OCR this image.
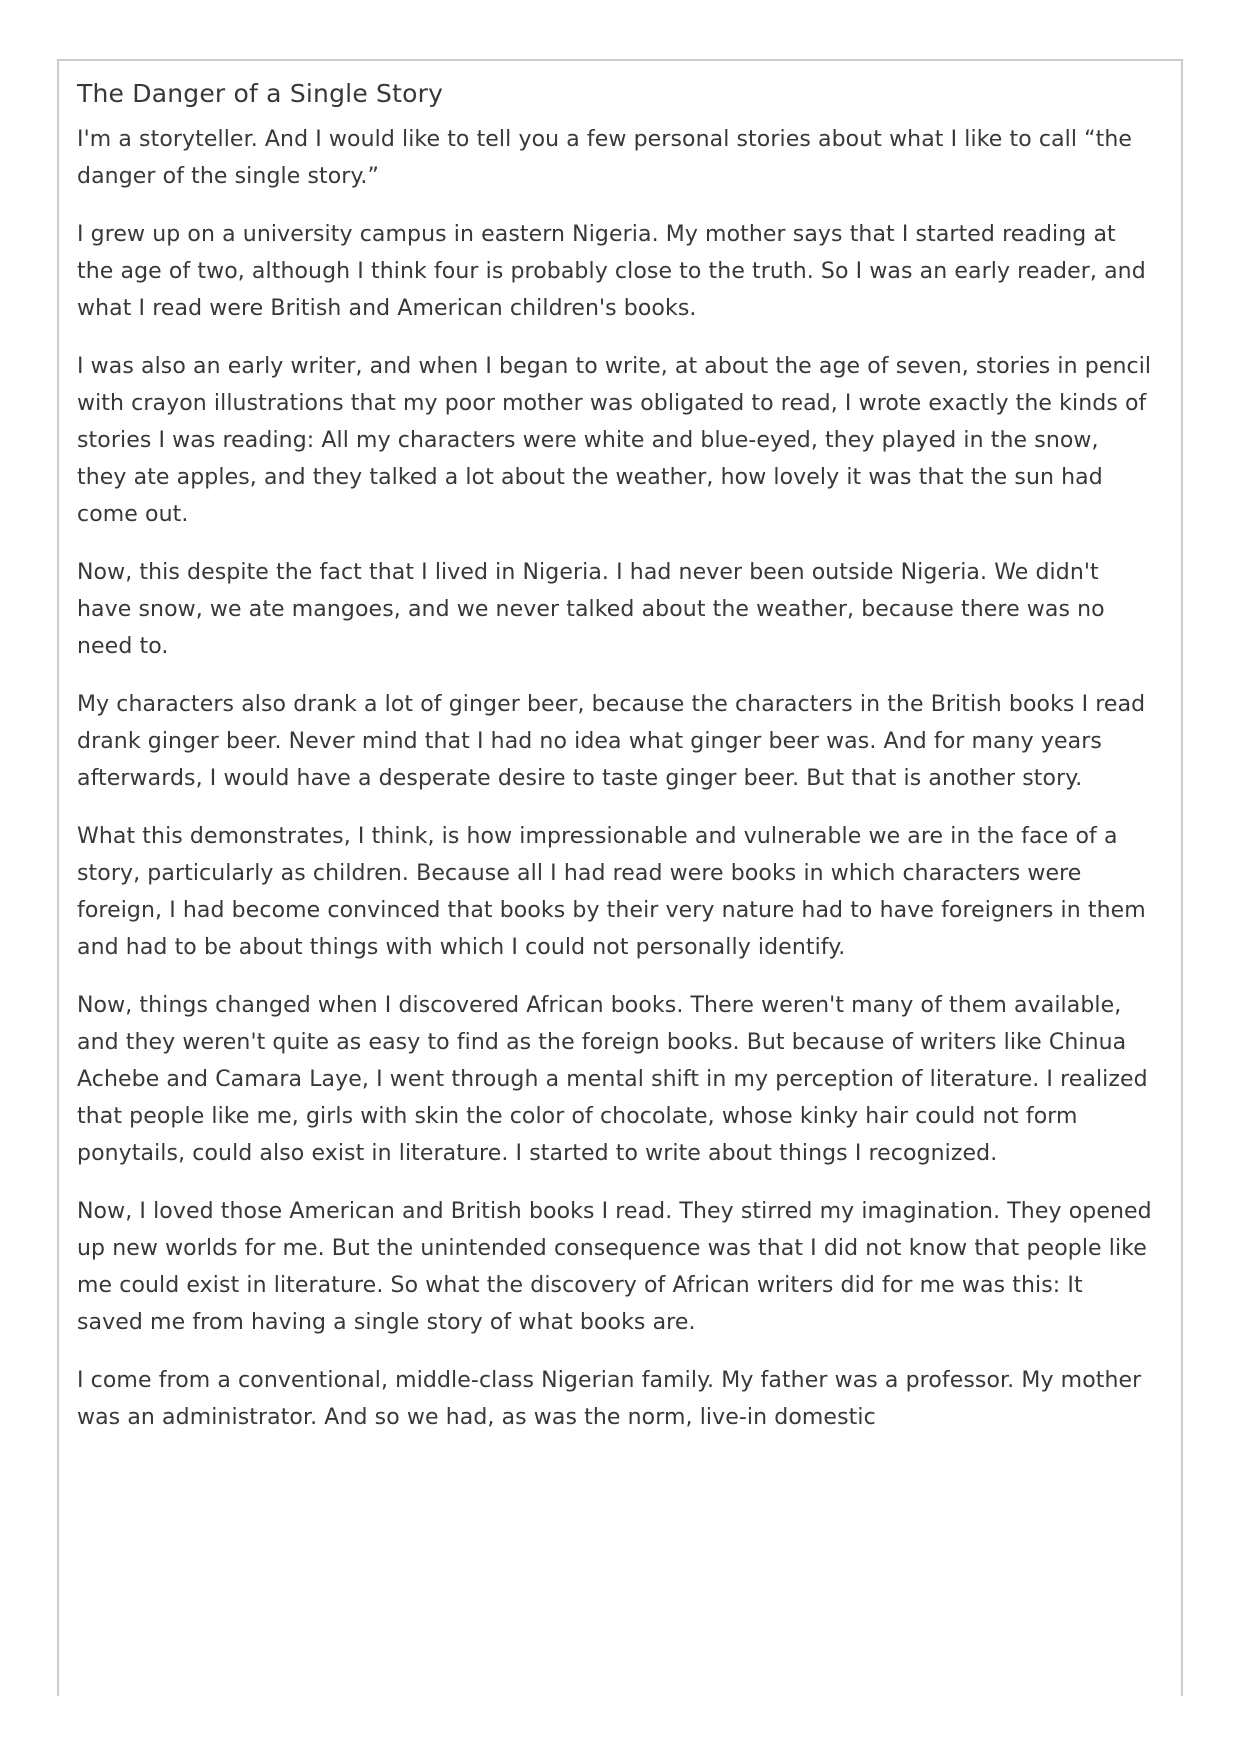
The Danger of a Single Story

I'm a storyteller. And I would like to tell you a few personal stories about what I like to call “the danger of the single story.”

I grew up on a university campus in eastern Nigeria. My mother says that I started reading at the age of two, although I think four is probably close to the truth. So I was an early reader, and what I read were British and American children's books.

I was also an early writer, and when I began to write, at about the age of seven, stories in pencil with crayon illustrations that my poor mother was obligated to read, I wrote exactly the kinds of stories I was reading: All my characters were white and blue-eyed, they played in the snow, they ate apples, and they talked a lot about the weather, how lovely it was that the sun had come out.

Now, this despite the fact that I lived in Nigeria. I had never been outside Nigeria. We didn't have snow, we ate mangoes, and we never talked about the weather, because there was no need to.

My characters also drank a lot of ginger beer, because the characters in the British books I read drank ginger beer. Never mind that I had no idea what ginger beer was. And for many years afterwards, I would have a desperate desire to taste ginger beer. But that is another story.

What this demonstrates, I think, is how impressionable and vulnerable we are in the face of a story, particularly as children. Because all I had read were books in which characters were foreign, I had become convinced that books by their very nature had to have foreigners in them and had to be about things with which I could not personally identify.

Now, things changed when I discovered African books. There weren't many of them available, and they weren't quite as easy to find as the foreign books. But because of writers like Chinua Achebe and Camara Laye, I went through a mental shift in my perception of literature. I realized that people like me, girls with skin the color of chocolate, whose kinky hair could not form ponytails, could also exist in literature. I started to write about things I recognized.

Now, I loved those American and British books I read. They stirred my imagination. They opened up new worlds for me. But the unintended consequence was that I did not know that people like me could exist in literature. So what the discovery of African writers did for me was this: It saved me from having a single story of what books are.

I come from a conventional, middle-class Nigerian family. My father was a professor. My mother was an administrator. And so we had, as was the norm, live-in domestic
